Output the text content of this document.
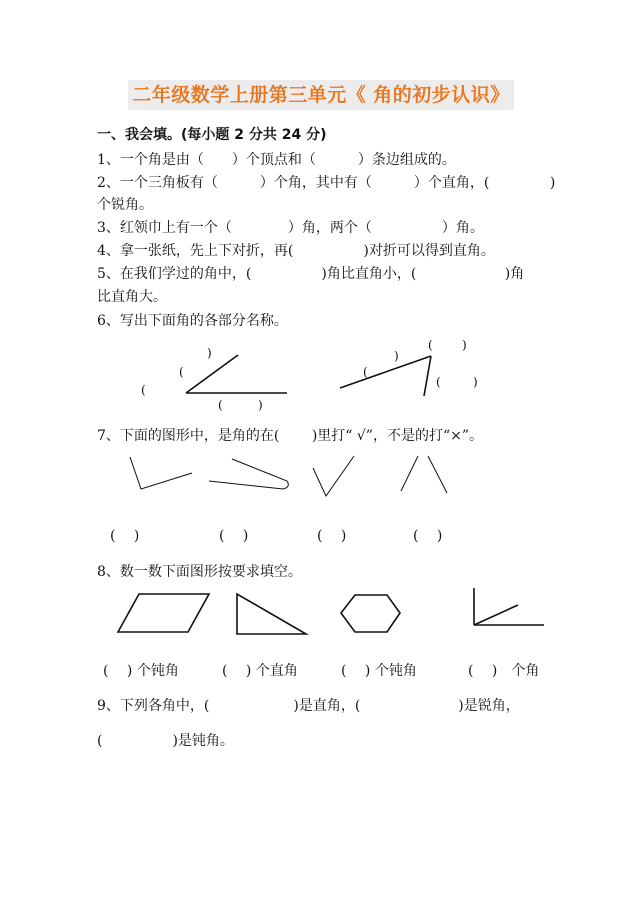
二年级数学上册第三单元《 角的初步认识》
一、我会填。(每小题 2 分共 24 分)
1、一个角是由（　　）个顶点和（　　　）条边组成的。
2、一个三角板有（　　　）个角，其中有（　　　）个直角，(　　　　 )
个锐角。
3、红领巾上有一个（　　　　）角，两个（　　　　　）角。
4、拿一张纸，先上下对折，再(　　　　　)对折可以得到直角。
5、在我们学过的角中，(　　　　　)角比直角小，(　　　　　　 )角
比直角大。
6、写出下面角的各部分名称。
(
)
(
(	)
(
)
)
(
(	)
7、下面的图形中，是角的在(　　 )里打“ √”，不是的打“×”。
(　 )	(　 )	(　 )	(　 )
8、数一数下面图形按要求填空。
(　 ) 个钝角	(　 ) 个直角	(　 ) 个钝角	(　 )　个角
9、下列各角中，(　　　　　　)是直角，(　　　　　　　)是锐角，
(　　　　　)是钝角。
